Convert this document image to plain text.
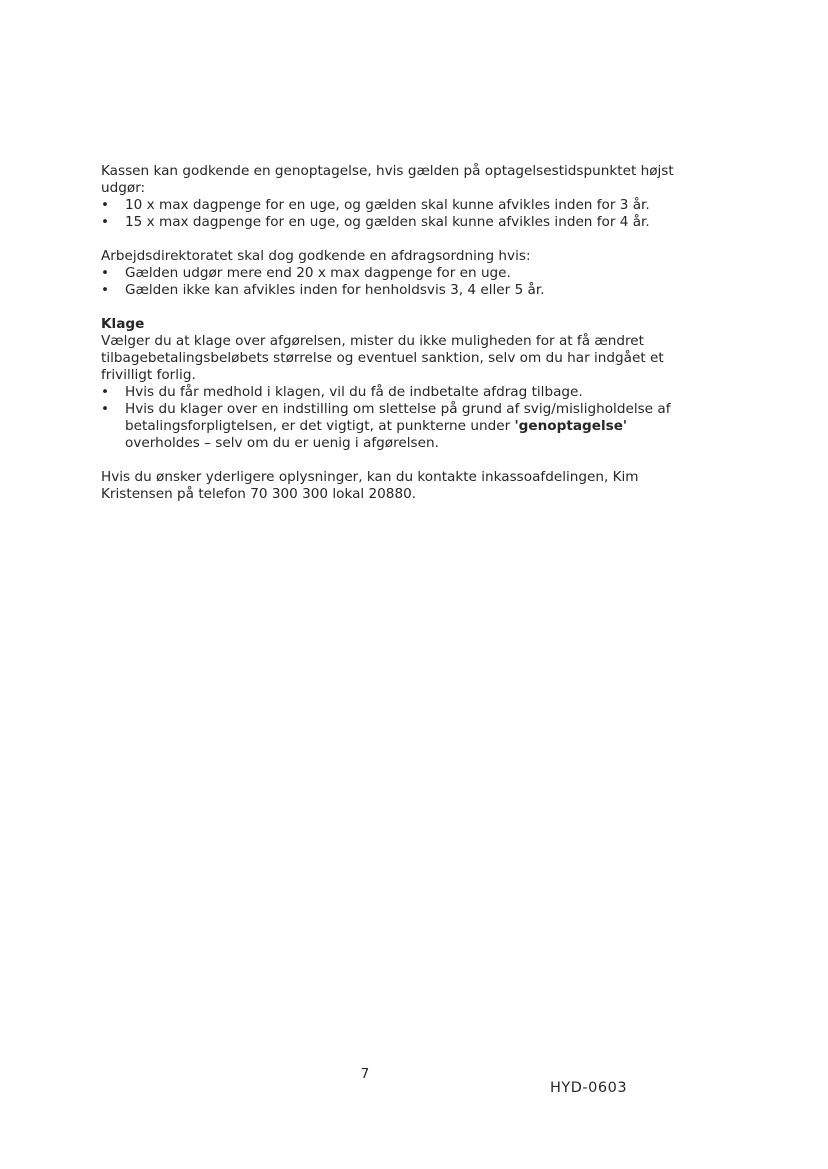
Kassen kan godkende en genoptagelse, hvis gælden på optagelsestidspunktet højst udgør:

•	10 x max dagpenge for en uge, og gælden skal kunne afvikles inden for 3 år.
•	15 x max dagpenge for en uge, og gælden skal kunne afvikles inden for 4 år.

Arbejdsdirektoratet skal dog godkende en afdragsordning hvis:

•	Gælden udgør mere end 20 x max dagpenge for en uge.
•	Gælden ikke kan afvikles inden for henholdsvis 3, 4 eller 5 år.

Klage

Vælger du at klage over afgørelsen, mister du ikke muligheden for at få ændret tilbagebetalingsbeløbets størrelse og eventuel sanktion, selv om du har indgået et frivilligt forlig.

•	Hvis du får medhold i klagen, vil du få de indbetalte afdrag tilbage.
•	Hvis du klager over en indstilling om slettelse på grund af svig/misligholdelse af betalingsforpligtelsen, er det vigtigt, at punkterne under 'genoptagelse' overholdes – selv om du er uenig i afgørelsen.

Hvis du ønsker yderligere oplysninger, kan du kontakte inkassoafdelingen, Kim Kristensen på telefon 70 300 300 lokal 20880.

7
HYD-0603
